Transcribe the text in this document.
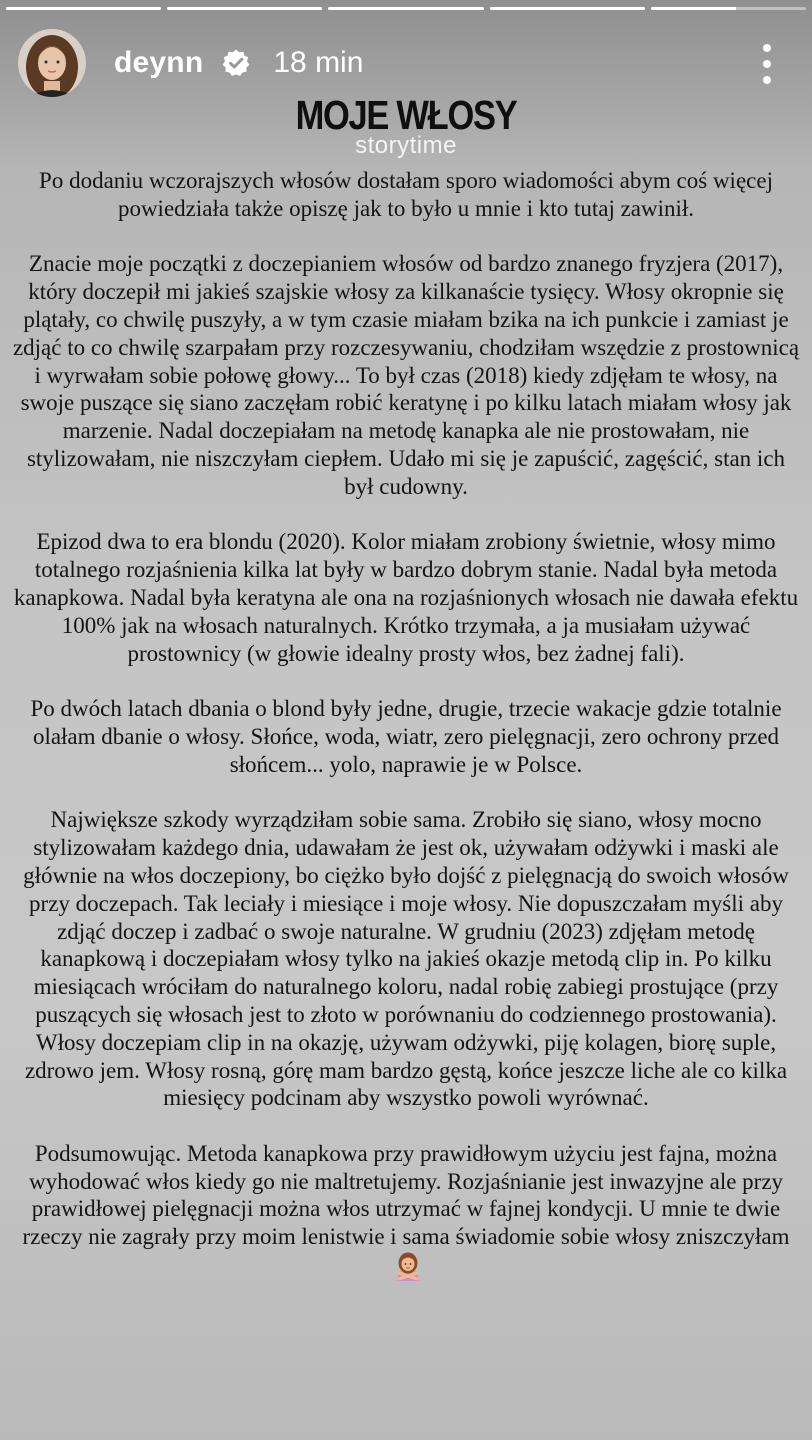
deynn 18 min
MOJE WŁOSY
storytime

Po dodaniu wczorajszych włosów dostałam sporo wiadomości abym coś więcej powiedziała także opiszę jak to było u mnie i kto tutaj zawinił.

Znacie moje początki z doczepianiem włosów od bardzo znanego fryzjera (2017), który doczepił mi jakieś szajskie włosy za kilkanaście tysięcy. Włosy okropnie się plątały, co chwilę puszyły, a w tym czasie miałam bzika na ich punkcie i zamiast je zdjąć to co chwilę szarpałam przy rozczesywaniu, chodziłam wszędzie z prostownicą i wyrwałam sobie połowę głowy... To był czas (2018) kiedy zdjęłam te włosy, na swoje puszące się siano zaczęłam robić keratynę i po kilku latach miałam włosy jak marzenie. Nadal doczepiałam na metodę kanapka ale nie prostowałam, nie stylizowałam, nie niszczyłam ciepłem. Udało mi się je zapuścić, zagęścić, stan ich był cudowny.

Epizod dwa to era blondu (2020). Kolor miałam zrobiony świetnie, włosy mimo totalnego rozjaśnienia kilka lat były w bardzo dobrym stanie. Nadal była metoda kanapkowa. Nadal była keratyna ale ona na rozjaśnionych włosach nie dawała efektu 100% jak na włosach naturalnych. Krótko trzymała, a ja musiałam używać prostownicy (w głowie idealny prosty włos, bez żadnej fali).

Po dwóch latach dbania o blond były jedne, drugie, trzecie wakacje gdzie totalnie olałam dbanie o włosy. Słońce, woda, wiatr, zero pielęgnacji, zero ochrony przed słońcem... yolo, naprawie je w Polsce.

Największe szkody wyrządziłam sobie sama. Zrobiło się siano, włosy mocno stylizowałam każdego dnia, udawałam że jest ok, używałam odżywki i maski ale głównie na włos doczepiony, bo ciężko było dojść z pielęgnacją do swoich włosów przy doczepach. Tak leciały i miesiące i moje włosy. Nie dopuszczałam myśli aby zdjąć doczep i zadbać o swoje naturalne. W grudniu (2023) zdjęłam metodę kanapkową i doczepiałam włosy tylko na jakieś okazje metodą clip in. Po kilku miesiącach wróciłam do naturalnego koloru, nadal robię zabiegi prostujące (przy puszących się włosach jest to złoto w porównaniu do codziennego prostowania). Włosy doczepiam clip in na okazję, używam odżywki, piję kolagen, biorę suple, zdrowo jem. Włosy rosną, górę mam bardzo gęstą, końce jeszcze liche ale co kilka miesięcy podcinam aby wszystko powoli wyrównać.

Podsumowując. Metoda kanapkowa przy prawidłowym użyciu jest fajna, można wyhodować włos kiedy go nie maltretujemy. Rozjaśnianie jest inwazyjne ale przy prawidłowej pielęgnacji można włos utrzymać w fajnej kondycji. U mnie te dwie rzeczy nie zagrały przy moim lenistwie i sama świadomie sobie włosy zniszczyłam
